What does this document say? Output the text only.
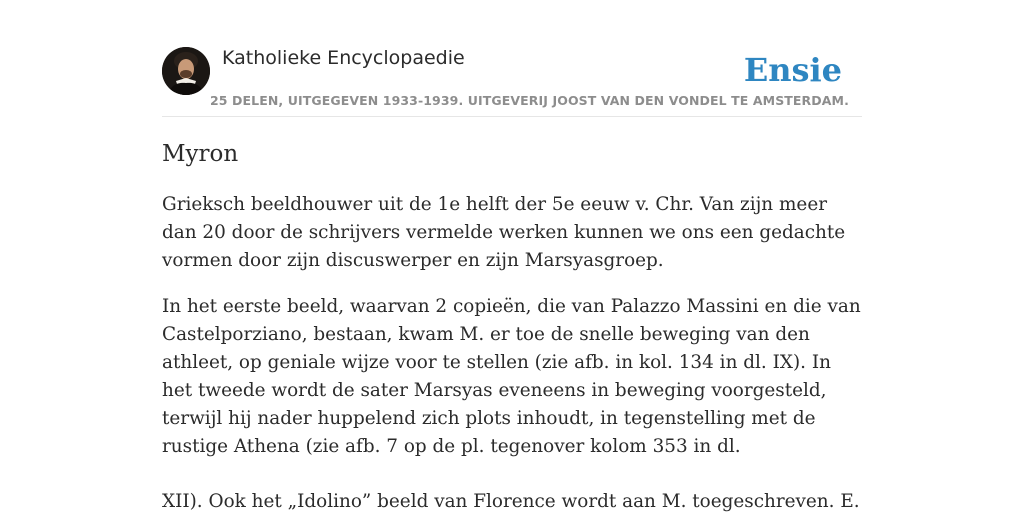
Katholieke Encyclopaedie	Ensie
25 DELEN, UITGEGEVEN 1933-1939. UITGEVERIJ JOOST VAN DEN VONDEL TE AMSTERDAM.
Myron

Grieksch beeldhouwer uit de 1e helft der 5e eeuw v. Chr. Van zijn meer dan 20 door de schrijvers vermelde werken kunnen we ons een gedachte vormen door zijn discuswerper en zijn Marsyasgroep.

In het eerste beeld, waarvan 2 copieën, die van Palazzo Massini en die van Castelporziano, bestaan, kwam M. er toe de snelle beweging van den athleet, op geniale wijze voor te stellen (zie afb. in kol. 134 in dl. IX). In het tweede wordt de sater Marsyas eveneens in beweging voorgesteld, terwijl hij nader huppelend zich plots inhoudt, in tegenstelling met de rustige Athena (zie afb. 7 op de pl. tegenover kolom 353 in dl.

XII). Ook het „Idolino” beeld van Florence wordt aan M. toegeschreven. E.
